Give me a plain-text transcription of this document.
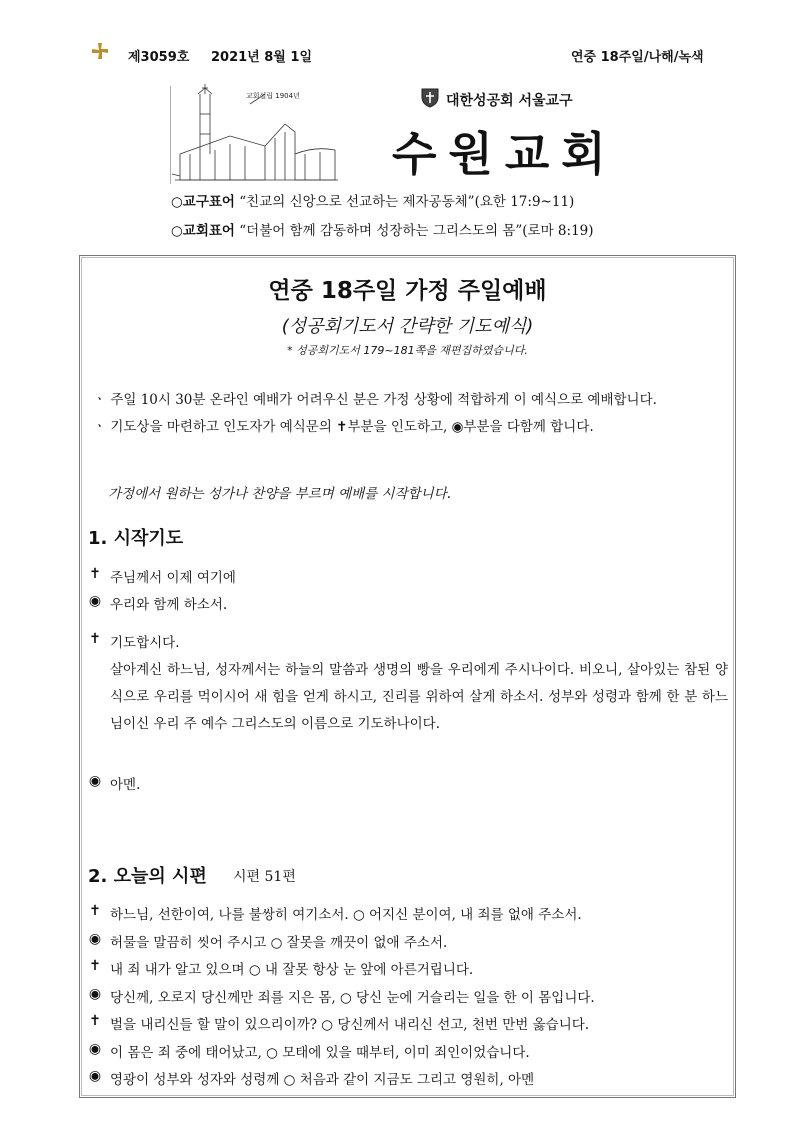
제3059호 2021년 8월 1일	연중 18주일/나해/녹색
교회설립 1904년	대한성공회 서울교구
수원교회
○교구표어 “친교의 신앙으로 선교하는 제자공동체”(요한 17:9~11)
○교회표어 “더불어 함께 감동하며 성장하는 그리스도의 몸”(로마 8:19)
연중 18주일 가정 주일예배
(성공회기도서 간략한 기도예식)
* 성공회기도서 179~181쪽을 재편집하였습니다.
ㆍ 주일 10시 30분 온라인 예배가 어려우신 분은 가정 상황에 적합하게 이 예식으로 예배합니다.
ㆍ 기도상을 마련하고 인도자가 예식문의 ✝부분을 인도하고, ◉부분을 다함께 합니다.
가정에서 원하는 성가나 찬양을 부르며 예배를 시작합니다.
1. 시작기도
✝ 주님께서 이제 여기에
◉ 우리와 함께 하소서.
✝ 기도합시다.
살아계신 하느님, 성자께서는 하늘의 말씀과 생명의 빵을 우리에게 주시나이다. 비오니, 살아있는 참된 양식으로 우리를 먹이시어 새 힘을 얻게 하시고, 진리를 위하여 살게 하소서. 성부와 성령과 함께 한 분 하느님이신 우리 주 예수 그리스도의 이름으로 기도하나이다.
◉ 아멘.
2. 오늘의 시편 시편 51편
✝ 하느님, 선한이여, 나를 불쌍히 여기소서. ○ 어지신 분이여, 내 죄를 없애 주소서.
◉ 허물을 말끔히 씻어 주시고 ○ 잘못을 깨끗이 없애 주소서.
✝ 내 죄 내가 알고 있으며 ○ 내 잘못 항상 눈 앞에 아른거립니다.
◉ 당신께, 오로지 당신께만 죄를 지은 몸, ○ 당신 눈에 거슬리는 일을 한 이 몸입니다.
✝ 벌을 내리신들 할 말이 있으리이까? ○ 당신께서 내리신 선고, 천번 만번 옳습니다.
◉ 이 몸은 죄 중에 태어났고, ○ 모태에 있을 때부터, 이미 죄인이었습니다.
◉ 영광이 성부와 성자와 성령께 ○ 처음과 같이 지금도 그리고 영원히, 아멘
